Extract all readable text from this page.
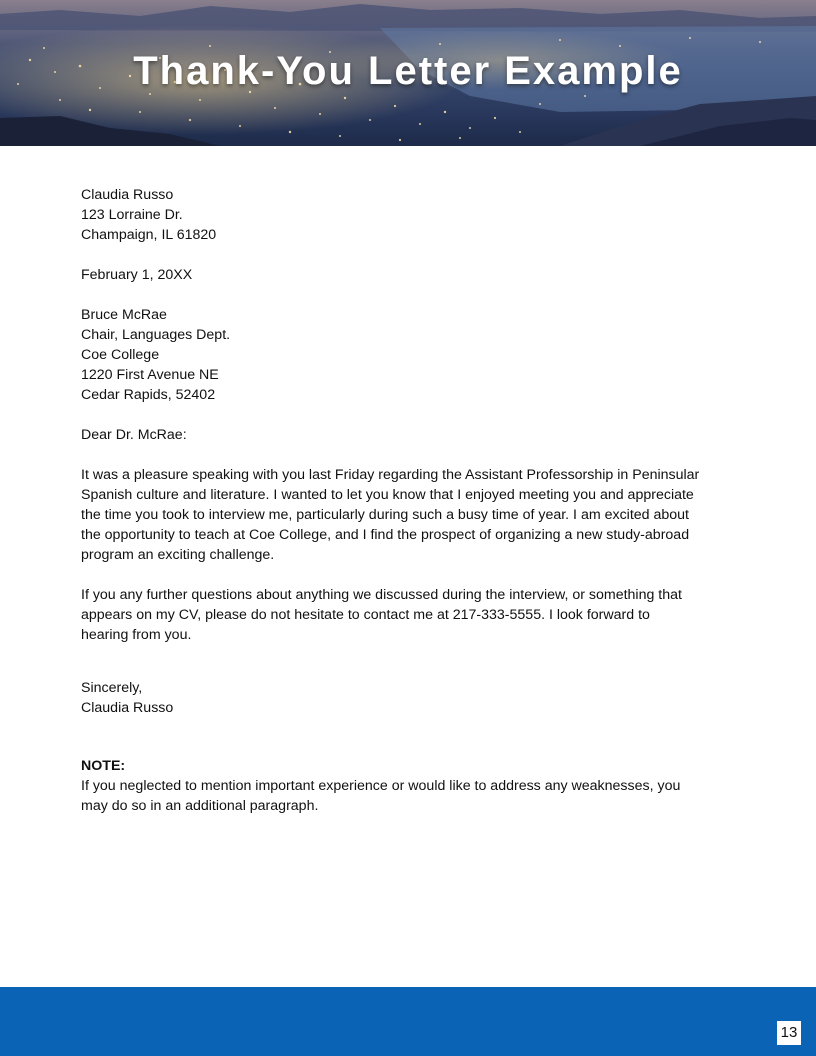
Thank-You Letter Example
Claudia Russo
123 Lorraine Dr.
Champaign, IL 61820
February 1, 20XX
Bruce McRae
Chair, Languages Dept.
Coe College
1220 First Avenue NE
Cedar Rapids, 52402
Dear Dr. McRae:

It was a pleasure speaking with you last Friday regarding the Assistant Professorship in Peninsular Spanish culture and literature. I wanted to let you know that I enjoyed meeting you and appreciate the time you took to interview me, particularly during such a busy time of year. I am excited about the opportunity to teach at Coe College, and I find the prospect of organizing a new study-abroad program an exciting challenge.

If you any further questions about anything we discussed during the interview, or something that appears on my CV, please do not hesitate to contact me at 217-333-5555. I look forward to hearing from you.

Sincerely,
Claudia Russo
NOTE:
If you neglected to mention important experience or would like to address any weaknesses, you may do so in an additional paragraph.
13
